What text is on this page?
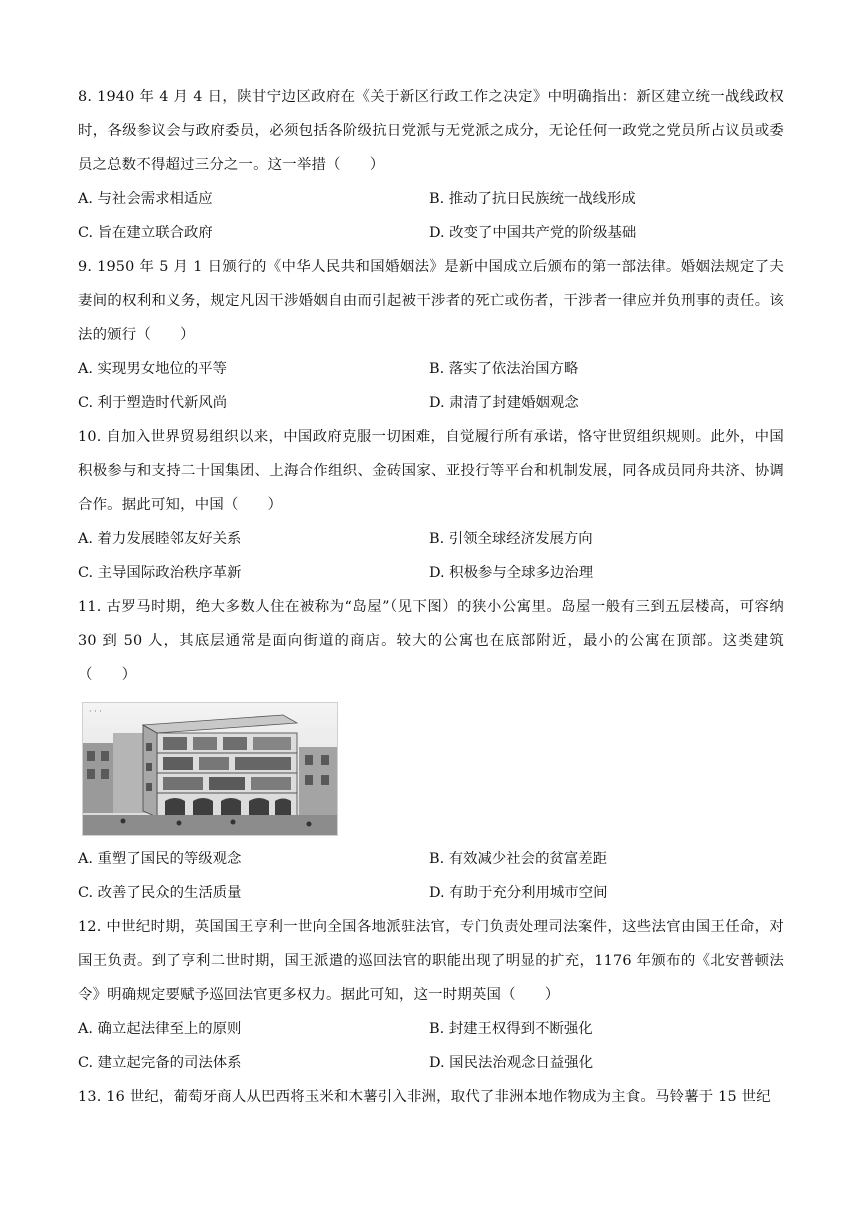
8. 1940 年 4 月 4 日，陕甘宁边区政府在《关于新区行政工作之决定》中明确指出：新区建立统一战线政权时，各级参议会与政府委员，必须包括各阶级抗日党派与无党派之成分，无论任何一政党之党员所占议员或委员之总数不得超过三分之一。这一举措（　　）
A. 与社会需求相适应	B. 推动了抗日民族统一战线形成
C. 旨在建立联合政府	D. 改变了中国共产党的阶级基础
9. 1950 年 5 月 1 日颁行的《中华人民共和国婚姻法》是新中国成立后颁布的第一部法律。婚姻法规定了夫妻间的权利和义务，规定凡因干涉婚姻自由而引起被干涉者的死亡或伤者，干涉者一律应并负刑事的责任。该法的颁行（　　）
A. 实现男女地位的平等	B. 落实了依法治国方略
C. 利于塑造时代新风尚	D. 肃清了封建婚姻观念
10. 自加入世界贸易组织以来，中国政府克服一切困难，自觉履行所有承诺，恪守世贸组织规则。此外，中国积极参与和支持二十国集团、上海合作组织、金砖国家、亚投行等平台和机制发展，同各成员同舟共济、协调合作。据此可知，中国（　　）
A. 着力发展睦邻友好关系	B. 引领全球经济发展方向
C. 主导国际政治秩序革新	D. 积极参与全球多边治理
11. 古罗马时期，绝大多数人住在被称为“岛屋”（见下图）的狭小公寓里。岛屋一般有三到五层楼高，可容纳 30 到 50 人，其底层通常是面向街道的商店。较大的公寓也在底部附近，最小的公寓在顶部。这类建筑（　　）
· · ·
A. 重塑了国民的等级观念	B. 有效减少社会的贫富差距
C. 改善了民众的生活质量	D. 有助于充分利用城市空间
12. 中世纪时期，英国国王亨利一世向全国各地派驻法官，专门负责处理司法案件，这些法官由国王任命，对国王负责。到了亨利二世时期，国王派遣的巡回法官的职能出现了明显的扩充，1176 年颁布的《北安普顿法令》明确规定要赋予巡回法官更多权力。据此可知，这一时期英国（　　）
A. 确立起法律至上的原则	B. 封建王权得到不断强化
C. 建立起完备的司法体系	D. 国民法治观念日益强化
13. 16 世纪，葡萄牙商人从巴西将玉米和木薯引入非洲，取代了非洲本地作物成为主食。马铃薯于 15 世纪
